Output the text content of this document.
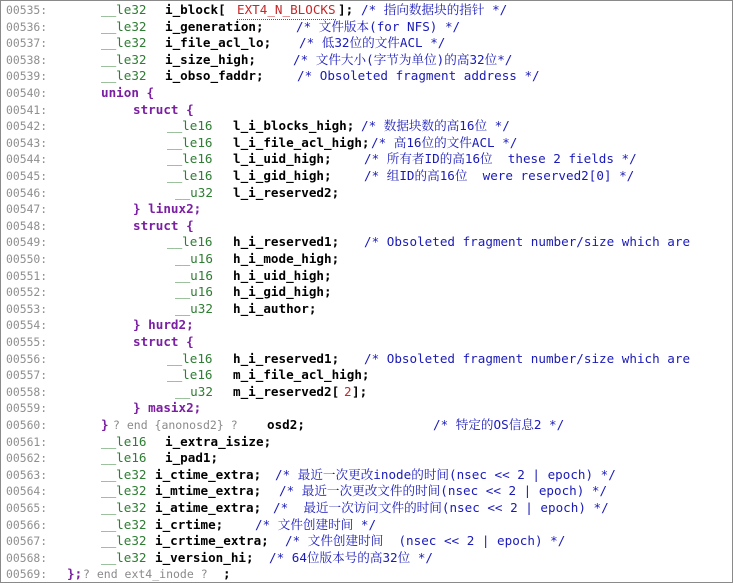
00535:	__le32 i_block[ EXT4_N_BLOCKS ]; /* 指向数据块的指针 */
00536:	__le32 i_generation;	/* 文件版本(for NFS) */
00537:	__le32 i_file_acl_lo; /* 低32位的文件ACL */
00538:	__le32 i_size_high;	/* 文件大小(字节为单位)的高32位*/
00539:	__le32 i_obso_faddr;	/* Obsoleted fragment address */
00540:	union {
00541:	struct {
00542:	__le16 l_i_blocks_high; /* 数据块数的高16位 */
00543:	__le16 l_i_file_acl_high; /* 高16位的文件ACL */
00544:	__le16 l_i_uid_high;	/* 所有者ID的高16位  these 2 fields */
00545:	__le16 l_i_gid_high;	/* 组ID的高16位  were reserved2[0] */
00546:	__u32 l_i_reserved2;
00547:	} linux2;
00548:	struct {
00549:	__le16 h_i_reserved1; /* Obsoleted fragment number/size which are
00550:	__u16 h_i_mode_high;
00551:	__u16 h_i_uid_high;
00552:	__u16 h_i_gid_high;
00553:	__u32 h_i_author;
00554:	} hurd2;
00555:	struct {
00556:	__le16 h_i_reserved1; /* Obsoleted fragment number/size which are
00557:	__le16 m_i_file_acl_high;
00558:	__u32 m_i_reserved2[ 2 ];
00559:	} masix2;
00560:	} ? end {anonosd2} ? osd2;	/* 特定的OS信息2 */
00561:	__le16 i_extra_isize;
00562:	__le16 i_pad1;
00563:	__le32 i_ctime_extra; /* 最近一次更改inode的时间(nsec << 2 | epoch) */
00564:	__le32 i_mtime_extra; /* 最近一次更改文件的时间(nsec << 2 | epoch) */
00565:	__le32 i_atime_extra; /*  最近一次访问文件的时间(nsec << 2 | epoch) */
00566:	__le32 i_crtime;	/* 文件创建时间 */
00567:	__le32 i_crtime_extra; /* 文件创建时间  (nsec << 2 | epoch) */
00568:	__le32 i_version_hi; /* 64位版本号的高32位 */
00569: }; ? end ext4_inode ? ;
